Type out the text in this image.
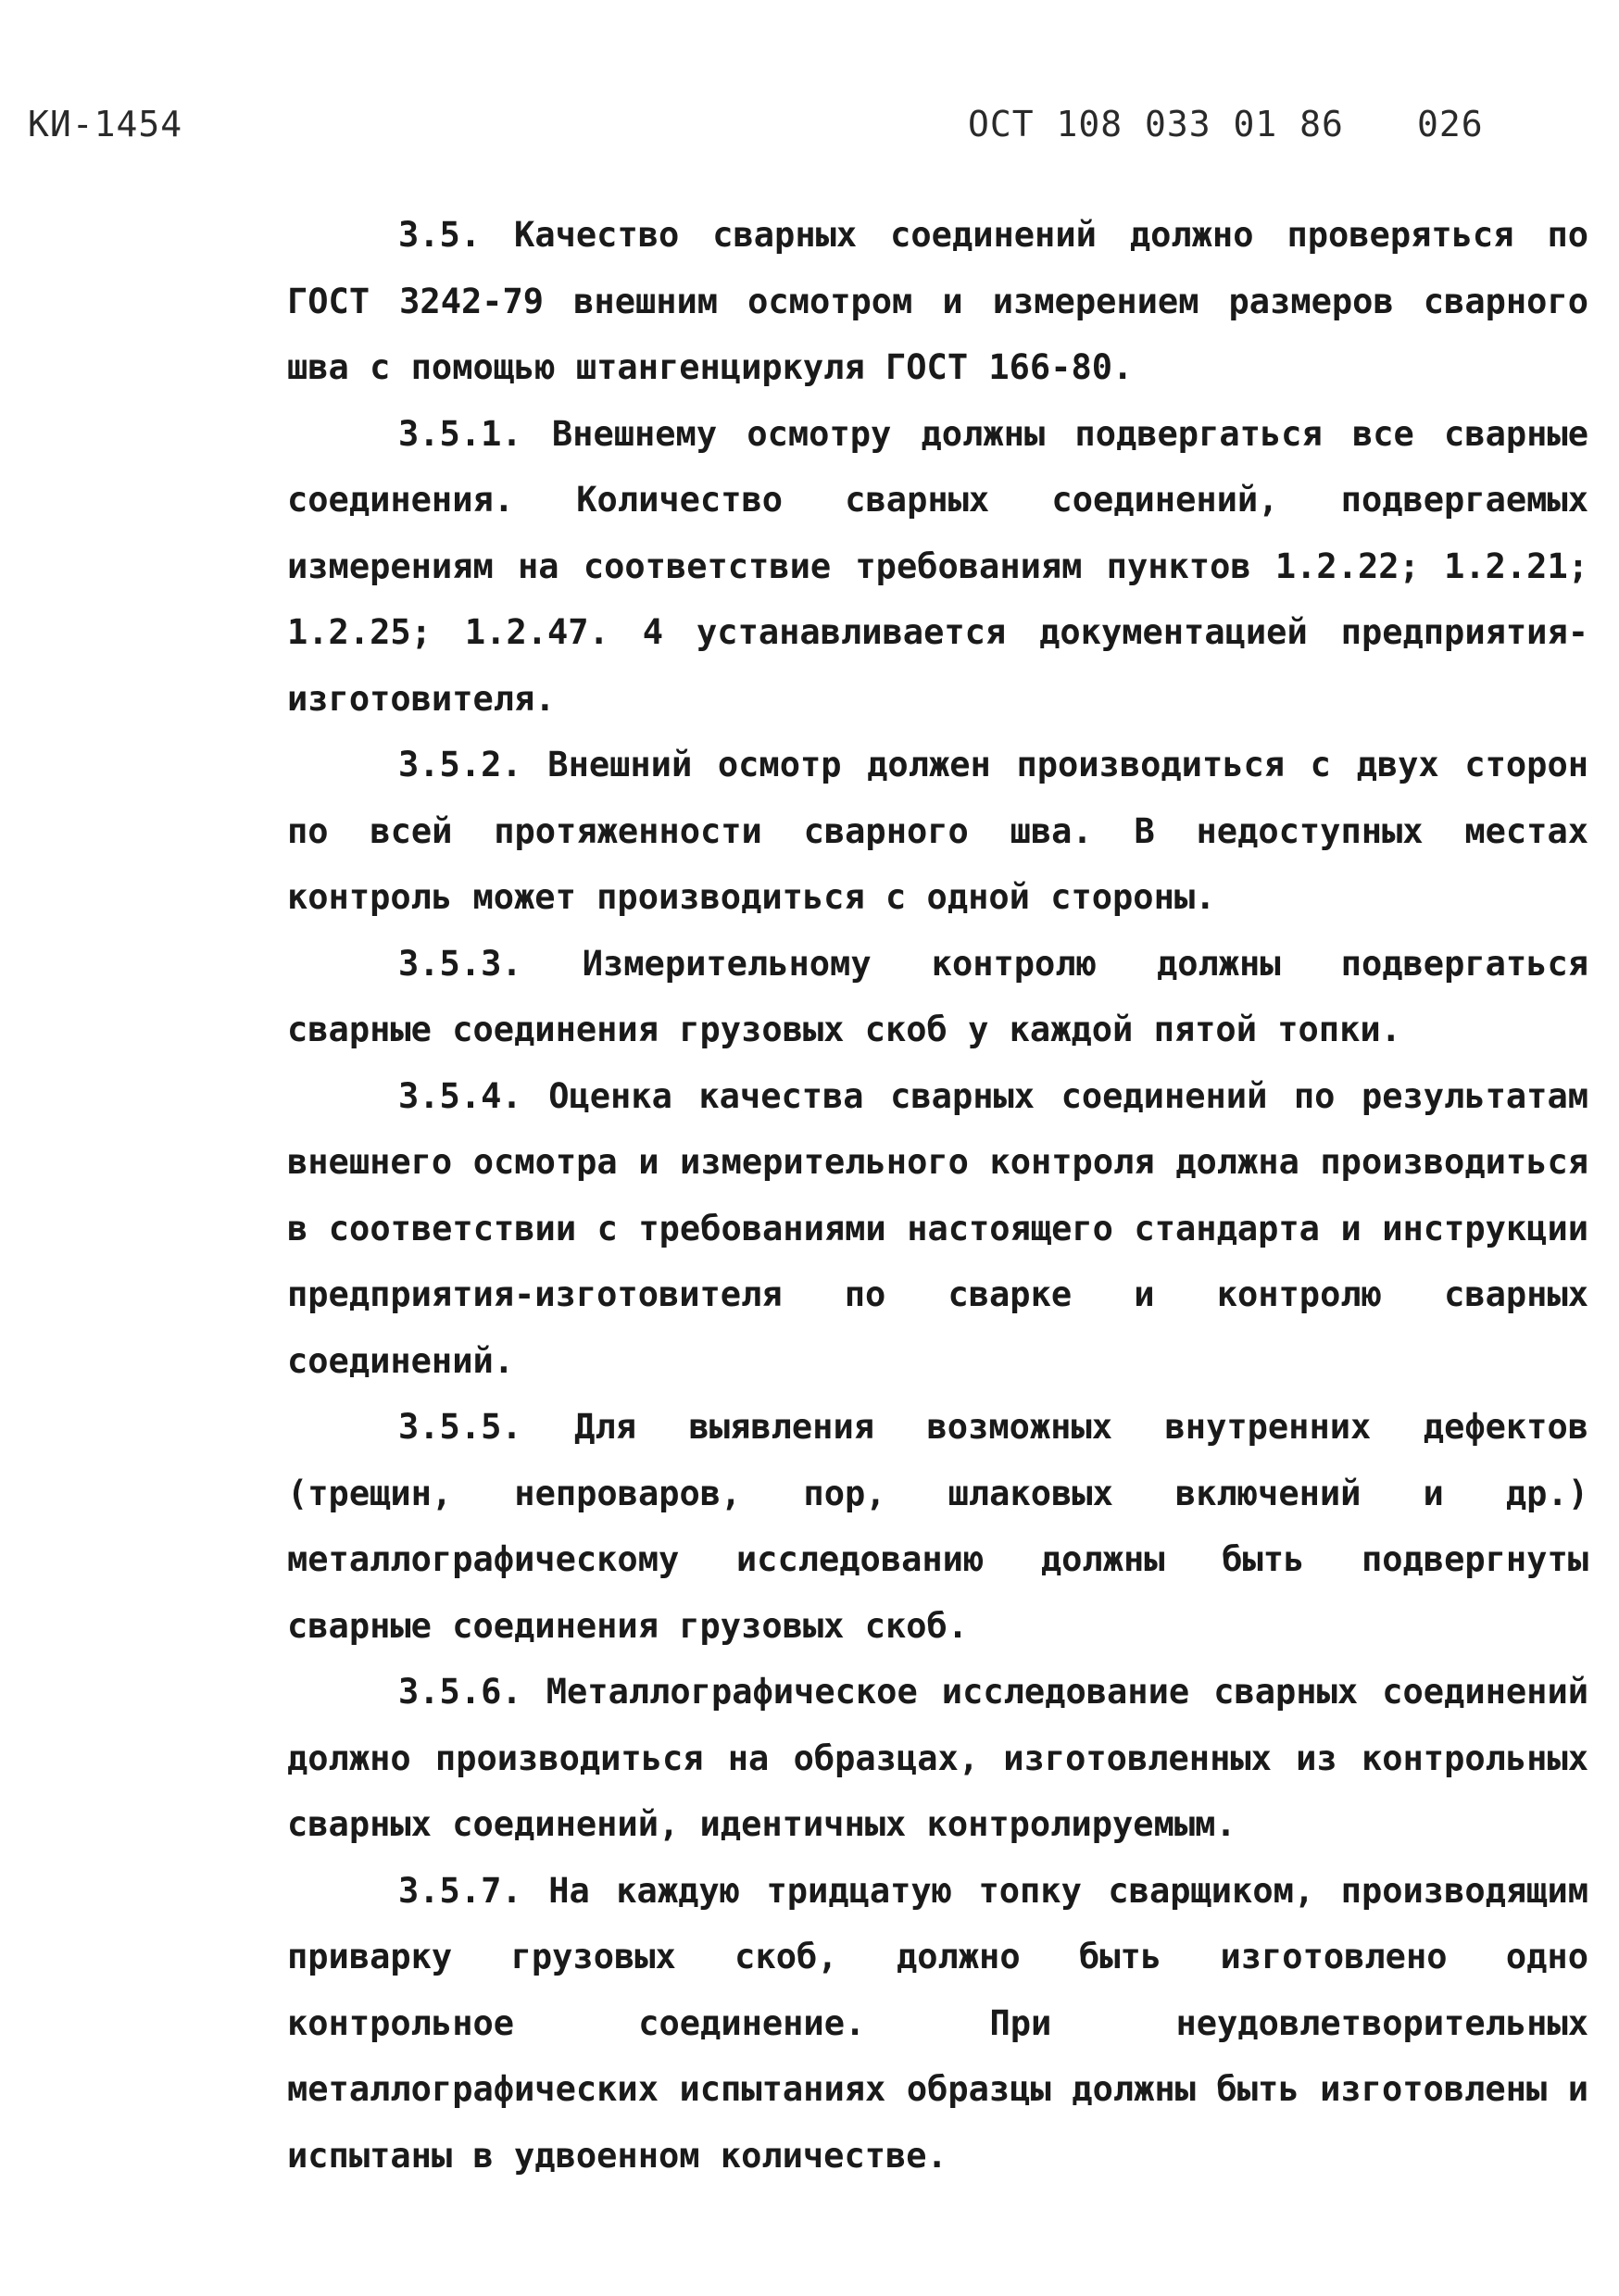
КИ-1454	ОСТ 108 033 01 86 026

3.5. Качество сварных соединений должно проверяться по ГОСТ 3242-79 внешним осмотром и измерением размеров сварного шва с помощью штангенциркуля ГОСТ 166-80.

3.5.1. Внешнему осмотру должны подвергаться все сварные соединения. Количество сварных соединений, подвергаемых измерениям на соответствие требованиям пунктов 1.2.22; 1.2.21; 1.2.25; 1.2.47. 4 устанавливается документацией предприятия-изготовителя.

3.5.2. Внешний осмотр должен производиться с двух сторон по всей протяженности сварного шва. В недоступных местах контроль может производиться с одной стороны.

3.5.3. Измерительному контролю должны подвергаться сварные соединения грузовых скоб у каждой пятой топки.

3.5.4. Оценка качества сварных соединений по результатам внешнего осмотра и измерительного контроля должна производиться в соответствии с требованиями настоящего стандарта и инструкции предприятия-изготовителя по сварке и контролю сварных соединений.

3.5.5. Для выявления возможных внутренних дефектов (трещин, непроваров, пор, шлаковых включений и др.) металлографическому исследованию должны быть подвергнуты сварные соединения грузовых скоб.

3.5.6. Металлографическое исследование сварных соединений должно производиться на образцах, изготовленных из контрольных сварных соединений, идентичных контролируемым.

3.5.7. На каждую тридцатую топку сварщиком, производящим приварку грузовых скоб, должно быть изготовлено одно контрольное соединение. При неудовлетворительных металлографических испытаниях образцы должны быть изготовлены и испытаны в удвоенном количестве.
